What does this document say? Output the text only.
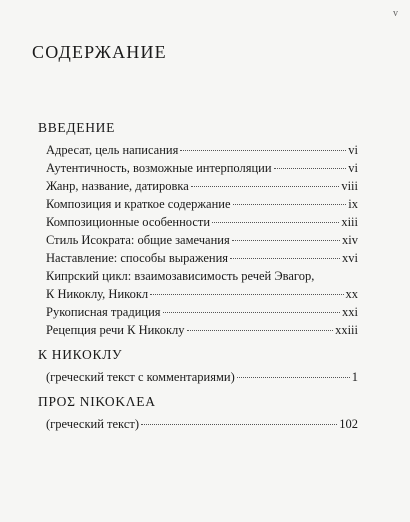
v
СОДЕРЖАНИЕ
ВВЕДЕНИЕ
Адресат, цель написания	vi
Аутентичность, возможные интерполяции	vi
Жанр, название, датировка	viii
Композиция и краткое содержание	ix
Композиционные особенности	xiii
Стиль Исократа: общие замечания	xiv
Наставление: способы выражения	xvi
Кипрский цикл: взаимозависимость речей Эвагор,
К Никоклу, Никокл	xx
Рукописная традиция	xxi
Рецепция речи К Никоклу	xxiii
К НИКОКЛУ
(греческий текст с комментариями)	1
ΠΡΟΣ ΝΙΚΟΚΛΕΑ
(греческий текст)	102
